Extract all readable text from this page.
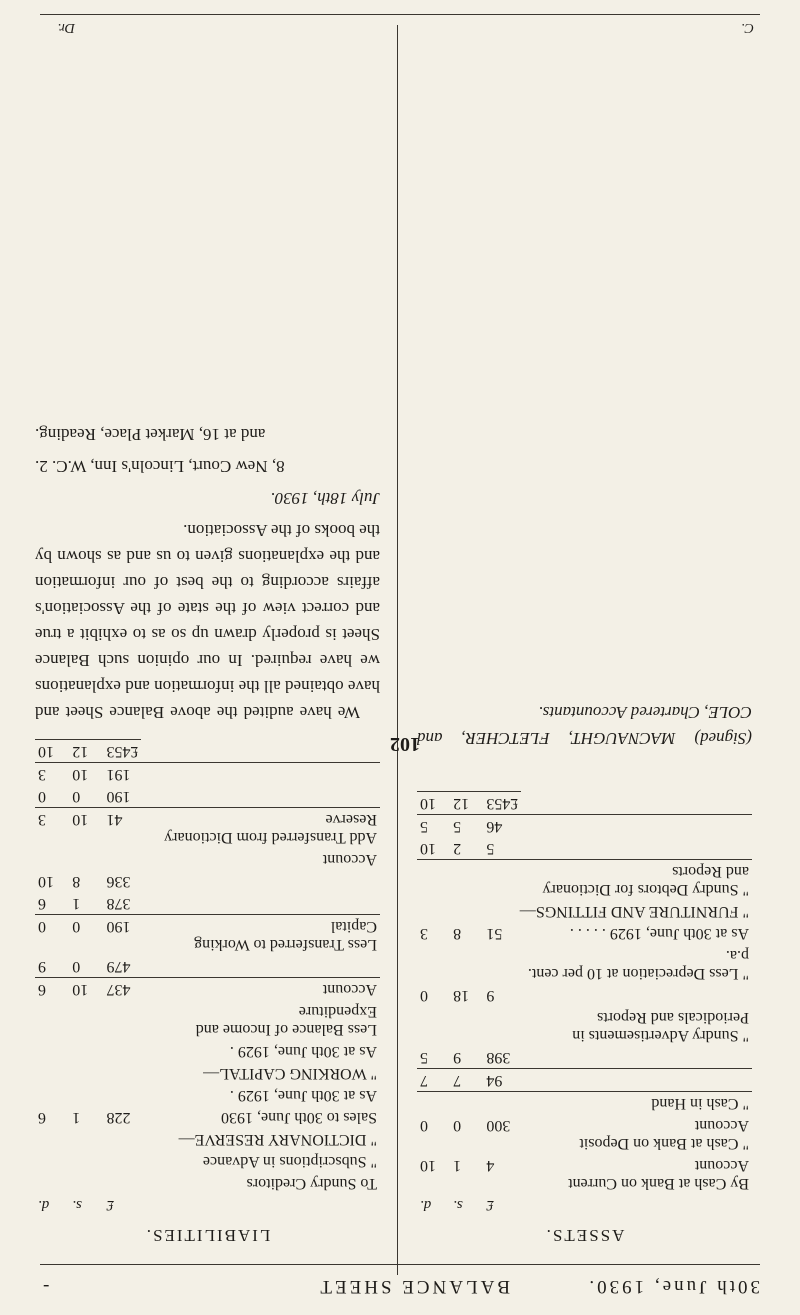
30th June, 1930.
BALANCE SHEET
-

ASSETS.

	£	s.	d.
By Cash at Bank on Current Account	4	1	10
" Cash at Bank on Deposit Account	300	0	0
" Cash in Hand			
	94	7	7
	398	9	5
" Sundry Advertisements in Periodicals and Reports			
	9	18	0
" Less Depreciation at 10 per cent. p.a.			
As at 30th June, 1929 . . . . .	51	8	3
" FURNITURE AND FITTINGS—			
" Sundry Debtors for Dictionary and Reports			
	5	2	10
	46	5	5
	£453	12	10

(Signed) MACNAUGHT, FLETCHER, and COLE, Chartered Accountants.

LIABILITIES.

	£	s.	d.
To Sundry Creditors			
" Subscriptions in Advance			
" DICTIONARY RESERVE—			
Sales to 30th June, 1930	228	1	6
As at 30th June, 1929 .			
" WORKING CAPITAL—			
As at 30th June, 1929 .			
Less Balance of Income and Expenditure			
Account	437	10	6
	479	0	9
Less Transferred to Working Capital	190	0	0
	378	1	6
	336	8	10
Account			
Add Transferred from Dictionary Reserve	41	10	3
	190	0	0
	191	10	3
	£453	12	10

We have audited the above Balance Sheet and have obtained all the information and explanations we have required. In our opinion such Balance Sheet is properly drawn up so as to exhibit a true and correct view of the state of the Association's affairs according to the best of our information and the explanations given to us and as shown by the books of the Association.

July 18th, 1930.

8, New Court, Lincoln's Inn, W.C. 2.

and at 16, Market Place, Reading.

102
C.
Dr.
